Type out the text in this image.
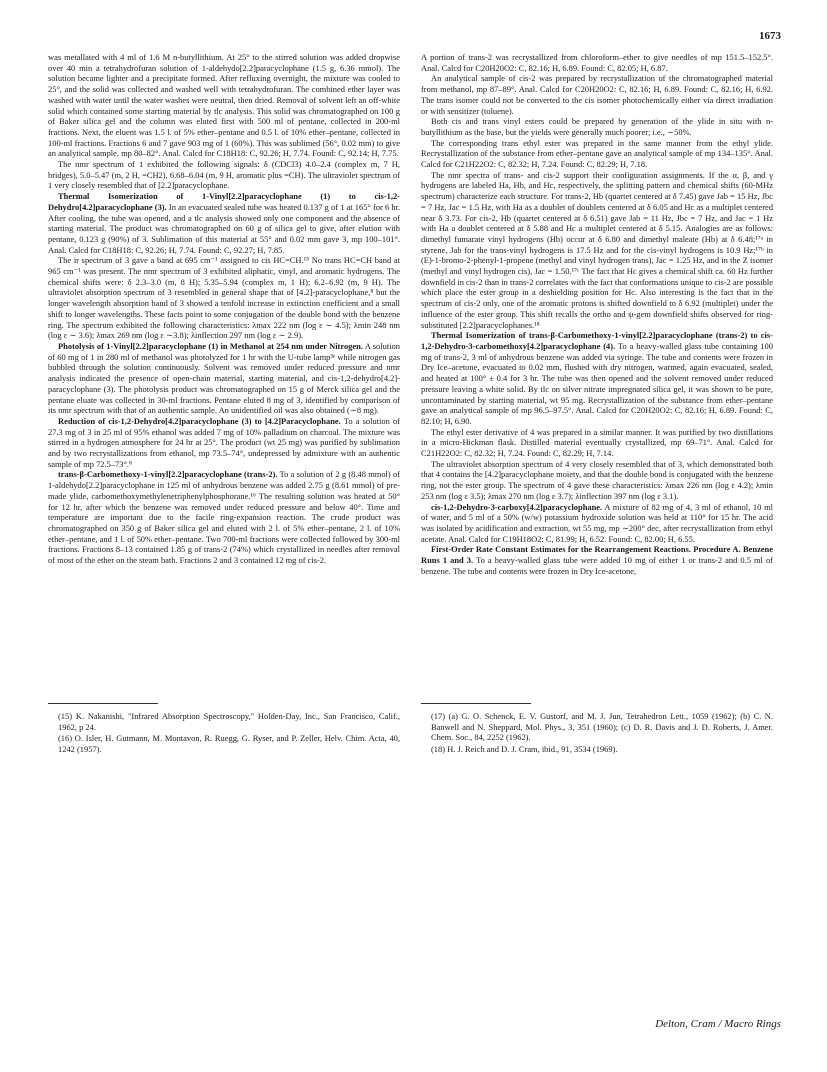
1673

was metallated with 4 ml of 1.6 M n-butyllithium. At 25° to the stirred solution was added dropwise over 40 min a tetrahydrofuran solution of 1-aldehydo[2.2]paracyclophane (1.5 g, 6.36 mmol). The solution became lighter and a precipitate formed. After refluxing overnight, the mixture was cooled to 25°, and the solid was collected and washed well with tetrahydrofuran. The combined ether layer was washed with water until the water washes were neutral, then dried. Removal of solvent left an off-white solid which contained some starting material by tlc analysis. This solid was chromatographed on 100 g of Baker silica gel and the column was eluted first with 500 ml of pentane, collected in 200-ml fractions. Next, the eluent was 1.5 l. of 5% ether–pentane and 0.5 l. of 10% ether–pentane, collected in 100-ml fractions. Fractions 6 and 7 gave 903 mg of 1 (60%). This was sublimed (56°, 0.02 mm) to give an analytical sample, mp 80–82°. Anal. Calcd for C18H18: C, 92.26; H, 7.74. Found: C, 92.14; H, 7.75.

The nmr spectrum of 1 exhibited the following signals: δ (CDCl3) 4.0–2.4 (complex m, 7 H, bridges), 5.0–5.47 (m, 2 H, =CH2), 6.68–6.04 (m, 9 H, aromatic plus =CH). The ultraviolet spectrum of 1 very closely resembled that of [2.2]paracyclophane.

Thermal Isomerization of 1-Vinyl[2.2]paracyclophane (1) to cis-1,2-Dehydro[4.2]paracyclophane (3). In an evacuated sealed tube was heated 0.137 g of 1 at 165° for 6 hr. After cooling, the tube was opened, and a tlc analysis showed only one component and the absence of starting material. The product was chromatographed on 60 g of silica gel to give, after elution with pentane, 0.123 g (90%) of 3. Sublimation of this material at 55° and 0.02 mm gave 3, mp 100–101°. Anal. Calcd for C18H18: C, 92.26; H, 7.74. Found: C, 92.27; H, 7.85.

The ir spectrum of 3 gave a band at 695 cm⁻¹ assigned to cis HC=CH.¹⁵ No trans HC=CH band at 965 cm⁻¹ was present. The nmr spectrum of 3 exhibited aliphatic, vinyl, and aromatic hydrogens. The chemical shifts were: δ 2.3–3.0 (m, 8 H); 5.35–5.94 (complex m, 1 H); 6.2–6.92 (m, 9 H). The ultraviolet absorption spectrum of 3 resembled in general shape that of [4.2]-paracyclophane,⁸ but the longer wavelength absorption band of 3 showed a tenfold increase in extinction coefficient and a small shift to longer wavelengths. These facts point to some conjugation of the double bond with the benzene ring. The spectrum exhibited the following characteristics: λmax 222 nm (log ε ∼ 4.5); λmin 248 nm (log ε ∼ 3.6); λmax 269 nm (log ε ∼3.8); λinflection 297 nm (log ε ∼ 2.9).

Photolysis of 1-Vinyl[2.2]paracyclophane (1) in Methanol at 254 nm under Nitrogen. A solution of 60 mg of 1 in 280 ml of methanol was photolyzed for 1 hr with the U-tube lamp³ᵉ while nitrogen gas bubbled through the solution continuously. Solvent was removed under reduced pressure and nmr analysis indicated the presence of open-chain material, starting material, and cis-1,2-dehydro[4.2]-paracyclophane (3). The photolysis product was chromatographed on 15 g of Merck silica gel and the pentane eluate was collected in 30-ml fractions. Pentane eluted 8 mg of 3, identified by comparison of its nmr spectrum with that of an authentic sample. An unidentified oil was also obtained (∼8 mg).

Reduction of cis-1,2-Dehydro[4.2]paracyclophane (3) to [4.2]Paracyclophane. To a solution of 27.3 mg of 3 in 25 ml of 95% ethanol was added 7 mg of 10% palladium on charcoal. The mixture was stirred in a hydrogen atmosphere for 24 hr at 25°. The product (wt 25 mg) was purified by sublimation and by two recrystallizations from ethanol, mp 73.5–74°, undepressed by admixture with an authentic sample of mp 72.5–73°.⁸

trans-β-Carbomethoxy-1-vinyl[2.2]paracyclophane (trans-2). To a solution of 2 g (8.48 mmol) of 1-aldehydo[2.2]paracyclophane in 125 ml of anhydrous benzene was added 2.75 g (8.61 mmol) of pre-made ylide, carbomethoxymethylenetriphenylphosphorane.¹⁶ The resulting solution was heated at 50° for 12 hr, after which the benzene was removed under reduced pressure and below 40°. Time and temperature are important due to the facile ring-expansion reaction. The crude product was chromatographed on 350 g of Baker silica gel and eluted with 2 l. of 5% ether–pentane, 2 l. of 10% ether–pentane, and 1 l. of 50% ether–pentane. Two 700-ml fractions were collected followed by 300-ml fractions. Fractions 8–13 contained 1.85 g of trans-2 (74%) which crystallized in needles after removal of most of the ether on the steam bath. Fractions 2 and 3 contained 12 mg of cis-2.

A portion of trans-2 was recrystallized from chloroform–ether to give needles of mp 151.5–152.5°. Anal. Calcd for C20H20O2: C, 82.16; H, 6.89. Found: C, 82.05; H, 6.87.

An analytical sample of cis-2 was prepared by recrystallization of the chromatographed material from methanol, mp 87–89°. Anal. Calcd for C20H20O2: C, 82.16; H, 6.89. Found: C, 82.16; H, 6.92. The trans isomer could not be converted to the cis isomer photochemically either via direct irradiation or with sensitizer (toluene).

Both cis and trans vinyl esters could be prepared by generation of the ylide in situ with n-butyllithium as the base, but the yields were generally much poorer; i.e., ∼50%.

The corresponding trans ethyl ester was prepared in the same manner from the ethyl ylide. Recrystallization of the substance from ether–pentane gave an analytical sample of mp 134–135°. Anal. Calcd for C21H22O2: C, 82.32; H, 7.24. Found: C, 82.29; H, 7.18.

The nmr spectra of trans- and cis-2 support their configuration assignments. If the α, β, and γ hydrogens are labeled Ha, Hb, and Hc, respectively, the splitting pattern and chemical shifts (60-MHz spectrum) characterize each structure. For trans-2, Hb (quartet centered at δ 7.45) gave Jab = 15 Hz, Jbc = 7 Hz, Jac = 1.5 Hz, with Ha as a doublet of doublets centered at δ 6.05 and Hc as a multiplet centered near δ 3.73. For cis-2, Hb (quartet centered at δ 6.51) gave Jab = 11 Hz, Jbc = 7 Hz, and Jac = 1 Hz with Ha a doublet centered at δ 5.88 and Hc a multiplet centered at δ 5.15. Analogies are as follows: dimethyl fumarate vinyl hydrogens (Hb) occur at δ 6.80 and dimethyl maleate (Hb) at δ 6.48;¹⁷ᵃ in styrene, Jab for the trans-vinyl hydrogens is 17.5 Hz and for the cis-vinyl hydrogens is 10.9 Hz;¹⁷ᵇ in (E)-1-bromo-2-phenyl-1-propene (methyl and vinyl hydrogen trans), Jac = 1.25 Hz, and in the Z isomer (methyl and vinyl hydrogen cis), Jac = 1.50.¹⁷ᶜ The fact that Hc gives a chemical shift ca. 60 Hz further downfield in cis-2 than in trans-2 correlates with the fact that conformations unique to cis-2 are possible which place the ester group in a deshielding position for Hc. Also interesting is the fact that in the spectrum of cis-2 only, one of the aromatic protons is shifted downfield to δ 6.92 (multiplet) under the influence of the ester group. This shift recalls the ortho and ψ-gem downfield shifts observed for ring-substituted [2.2]paracyclophanes.¹⁸

Thermal Isomerization of trans-β-Carbomethoxy-1-vinyl[2.2]paracyclophane (trans-2) to cis-1,2-Dehydro-3-carbomethoxy[4.2]paracyclophane (4). To a heavy-walled glass tube containing 100 mg of trans-2, 3 ml of anhydrous benzene was added via syringe. The tube and contents were frozen in Dry Ice–acetone, evacuated to 0.02 mm, flushed with dry nitrogen, warmed, again evacuated, sealed, and heated at 100° ± 0.4 for 3 hr. The tube was then opened and the solvent removed under reduced pressure leaving a white solid. By tlc on silver nitrate impregnated silica gel, it was shown to be pure, uncontaminated by starting material, wt 95 mg. Recrystallization of the substance from ether–pentane gave an analytical sample of mp 96.5–97.5°. Anal. Calcd for C20H20O2: C, 82.16; H, 6.89. Found: C, 82.10; H, 6.90.

The ethyl ester derivative of 4 was prepared in a similar manner. It was purified by two distillations in a micro-Hickman flask. Distilled material eventually crystallized, mp 69–71°. Anal. Calcd for C21H22O2: C, 82.32; H, 7.24. Found: C, 82.29; H, 7.14.

The ultraviolet absorption spectrum of 4 very closely resembled that of 3, which demonstrated both that 4 contains the [4.2]paracyclophane moiety, and that the double bond is conjugated with the benzene ring, not the ester group. The spectrum of 4 gave these characteristics: λmax 226 nm (log ε 4.2); λmin 253 nm (log ε 3.5); λmax 270 nm (log ε 3.7); λinflection 397 nm (log ε 3.1).

cis-1,2-Dehydro-3-carboxy[4.2]paracyclophane. A mixture of 82 mg of 4, 3 ml of ethanol, 10 ml of water, and 5 ml of a 50% (w/w) potassium hydroxide solution was held at 110° for 15 hr. The acid was isolated by acidification and extraction, wt 55 mg, mp ∼200° dec, after recrystallization from ethyl acetate. Anal. Calcd for C19H18O2: C, 81.99; H, 6.52. Found: C, 82.00; H, 6.55.

First-Order Rate Constant Estimates for the Rearrangement Reactions. Procedure A. Benzene Runs 1 and 3. To a heavy-walled glass tube were added 10 mg of either 1 or trans-2 and 0.5 ml of benzene. The tube and contents were frozen in Dry Ice-acetone,

(15) K. Nakanishi, "Infrared Absorption Spectroscopy," Holden-Day, Inc., San Francisco, Calif., 1962, p 24.

(16) O. Isler, H. Gutmann, M. Montavon, R. Ruegg, G. Ryser, and P. Zeller, Helv. Chim. Acta, 40, 1242 (1957).

(17) (a) G. O. Schenck, E. V. Gustorf, and M. J. Jun, Tetrahedron Lett., 1059 (1962); (b) C. N. Banwell and N. Sheppard, Mol. Phys., 3, 351 (1960); (c) D. R. Davis and J. D. Roberts, J. Amer. Chem. Soc., 84, 2252 (1962).

(18) H. J. Reich and D. J. Cram, ibid., 91, 3534 (1969).

Delton, Cram / Macro Rings
